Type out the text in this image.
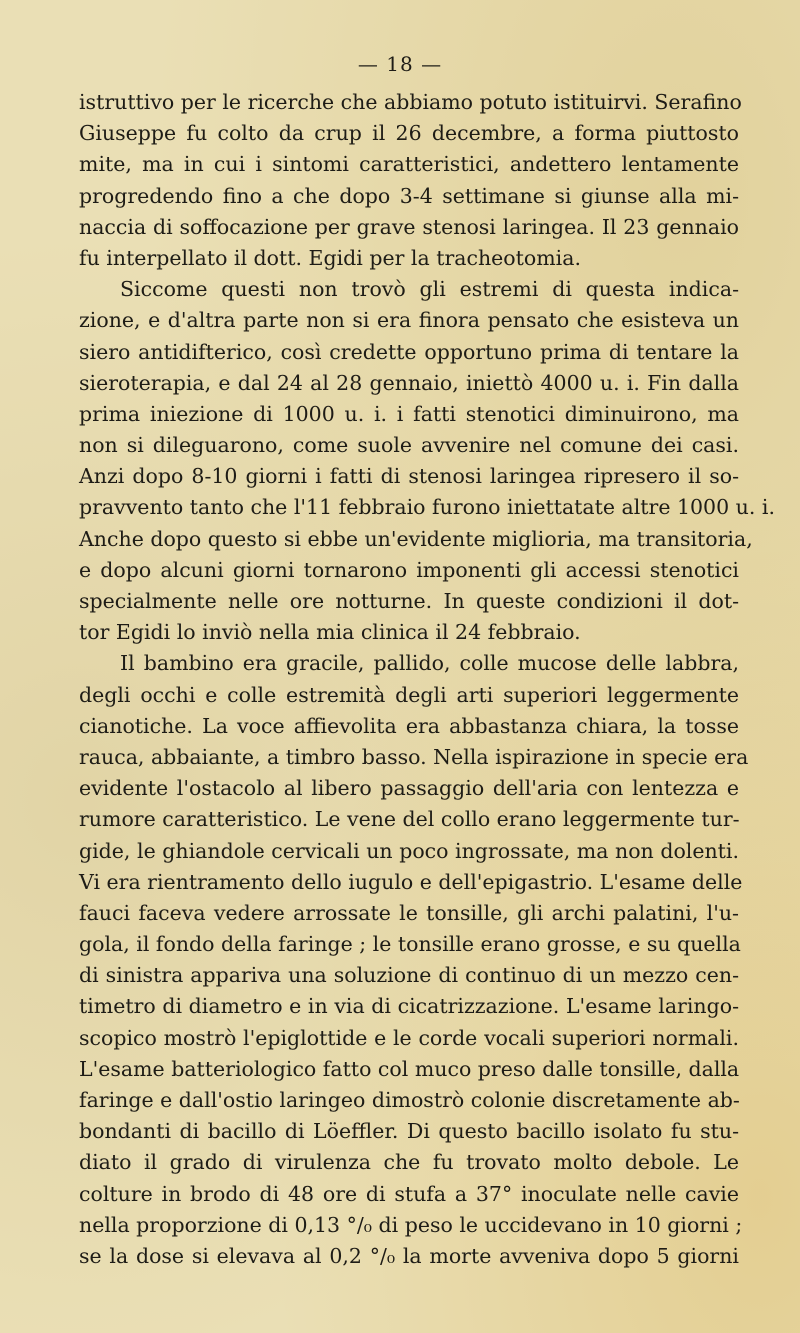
— 18 —
istruttivo per le ricerche che abbiamo potuto istituirvi. Serafino
Giuseppe fu colto da crup il 26 decembre, a forma piuttosto
mite, ma in cui i sintomi caratteristici, andettero lentamente
progredendo fino a che dopo 3-4 settimane si giunse alla mi-
naccia di soffocazione per grave stenosi laringea. Il 23 gennaio
fu interpellato il dott. Egidi per la tracheotomia.
Siccome questi non trovò gli estremi di questa indica-
zione, e d'altra parte non si era finora pensato che esisteva un
siero antidifterico, così credette opportuno prima di tentare la
sieroterapia, e dal 24 al 28 gennaio, iniettò 4000 u. i. Fin dalla
prima iniezione di 1000 u. i. i fatti stenotici diminuirono, ma
non si dileguarono, come suole avvenire nel comune dei casi.
Anzi dopo 8-10 giorni i fatti di stenosi laringea ripresero il so-
pravvento tanto che l'11 febbraio furono iniettatate altre 1000 u. i.
Anche dopo questo si ebbe un'evidente miglioria, ma transitoria,
e dopo alcuni giorni tornarono imponenti gli accessi stenotici
specialmente nelle ore notturne. In queste condizioni il dot-
tor Egidi lo inviò nella mia clinica il 24 febbraio.
Il bambino era gracile, pallido, colle mucose delle labbra,
degli occhi e colle estremità degli arti superiori leggermente
cianotiche. La voce affievolita era abbastanza chiara, la tosse
rauca, abbaiante, a timbro basso. Nella ispirazione in specie era
evidente l'ostacolo al libero passaggio dell'aria con lentezza e
rumore caratteristico. Le vene del collo erano leggermente tur-
gide, le ghiandole cervicali un poco ingrossate, ma non dolenti.
Vi era rientramento dello iugulo e dell'epigastrio. L'esame delle
fauci faceva vedere arrossate le tonsille, gli archi palatini, l'u-
gola, il fondo della faringe ; le tonsille erano grosse, e su quella
di sinistra appariva una soluzione di continuo di un mezzo cen-
timetro di diametro e in via di cicatrizzazione. L'esame laringo-
scopico mostrò l'epiglottide e le corde vocali superiori normali.
L'esame batteriologico fatto col muco preso dalle tonsille, dalla
faringe e dall'ostio laringeo dimostrò colonie discretamente ab-
bondanti di bacillo di Löeffler. Di questo bacillo isolato fu stu-
diato il grado di virulenza che fu trovato molto debole. Le
colture in brodo di 48 ore di stufa a 37° inoculate nelle cavie
nella proporzione di 0,13 °/₀ di peso le uccidevano in 10 giorni ;
se la dose si elevava al 0,2 °/₀ la morte avveniva dopo 5 giorni
